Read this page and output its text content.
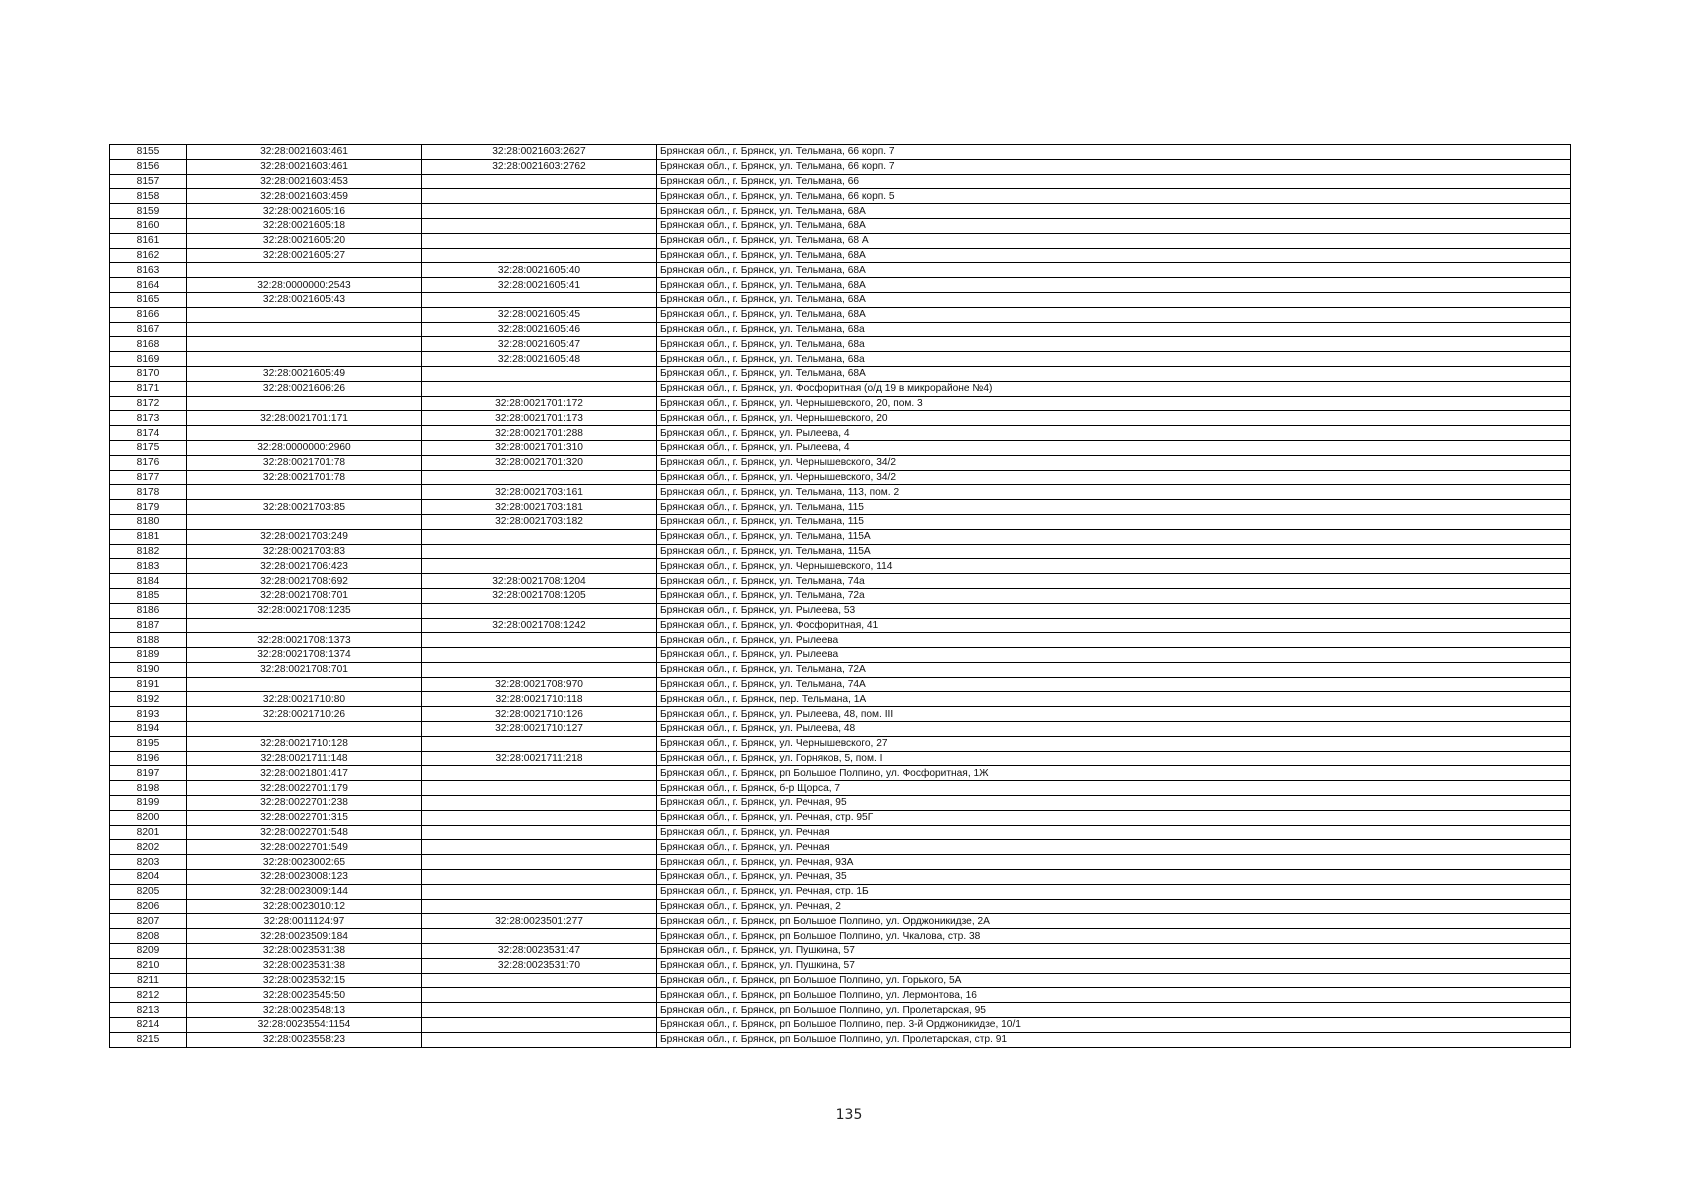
8155	32:28:0021603:461	32:28:0021603:2627	Брянская обл., г. Брянск, ул. Тельмана, 66 корп. 7
8156	32:28:0021603:461	32:28:0021603:2762	Брянская обл., г. Брянск, ул. Тельмана, 66 корп. 7
8157	32:28:0021603:453		Брянская обл., г. Брянск, ул. Тельмана, 66
8158	32:28:0021603:459		Брянская обл., г. Брянск, ул. Тельмана, 66 корп. 5
8159	32:28:0021605:16		Брянская обл., г. Брянск, ул. Тельмана, 68А
8160	32:28:0021605:18		Брянская обл., г. Брянск, ул. Тельмана, 68А
8161	32:28:0021605:20		Брянская обл., г. Брянск, ул. Тельмана, 68 А
8162	32:28:0021605:27		Брянская обл., г. Брянск, ул. Тельмана, 68А
8163		32:28:0021605:40	Брянская обл., г. Брянск, ул. Тельмана, 68А
8164	32:28:0000000:2543	32:28:0021605:41	Брянская обл., г. Брянск, ул. Тельмана, 68А
8165	32:28:0021605:43		Брянская обл., г. Брянск, ул. Тельмана, 68А
8166		32:28:0021605:45	Брянская обл., г. Брянск, ул. Тельмана, 68А
8167		32:28:0021605:46	Брянская обл., г. Брянск, ул. Тельмана, 68а
8168		32:28:0021605:47	Брянская обл., г. Брянск, ул. Тельмана, 68а
8169		32:28:0021605:48	Брянская обл., г. Брянск, ул. Тельмана, 68а
8170	32:28:0021605:49		Брянская обл., г. Брянск, ул. Тельмана, 68А
8171	32:28:0021606:26		Брянская обл., г. Брянск, ул. Фосфоритная (о/д 19 в микрорайоне №4)
8172		32:28:0021701:172	Брянская обл., г. Брянск, ул. Чернышевского, 20, пом. 3
8173	32:28:0021701:171	32:28:0021701:173	Брянская обл., г. Брянск, ул. Чернышевского, 20
8174		32:28:0021701:288	Брянская обл., г. Брянск, ул. Рылеева, 4
8175	32:28:0000000:2960	32:28:0021701:310	Брянская обл., г. Брянск, ул. Рылеева, 4
8176	32:28:0021701:78	32:28:0021701:320	Брянская обл., г. Брянск, ул. Чернышевского, 34/2
8177	32:28:0021701:78		Брянская обл., г. Брянск, ул. Чернышевского, 34/2
8178		32:28:0021703:161	Брянская обл., г. Брянск, ул. Тельмана, 113, пом. 2
8179	32:28:0021703:85	32:28:0021703:181	Брянская обл., г. Брянск, ул. Тельмана, 115
8180		32:28:0021703:182	Брянская обл., г. Брянск, ул. Тельмана, 115
8181	32:28:0021703:249		Брянская обл., г. Брянск, ул. Тельмана, 115А
8182	32:28:0021703:83		Брянская обл., г. Брянск, ул. Тельмана, 115А
8183	32:28:0021706:423		Брянская обл., г. Брянск, ул. Чернышевского, 114
8184	32:28:0021708:692	32:28:0021708:1204	Брянская обл., г. Брянск, ул. Тельмана, 74а
8185	32:28:0021708:701	32:28:0021708:1205	Брянская обл., г. Брянск, ул. Тельмана, 72а
8186	32:28:0021708:1235		Брянская обл., г. Брянск, ул. Рылеева, 53
8187		32:28:0021708:1242	Брянская обл., г. Брянск, ул. Фосфоритная, 41
8188	32:28:0021708:1373		Брянская обл., г. Брянск, ул. Рылеева
8189	32:28:0021708:1374		Брянская обл., г. Брянск, ул. Рылеева
8190	32:28:0021708:701		Брянская обл., г. Брянск, ул. Тельмана, 72А
8191		32:28:0021708:970	Брянская обл., г. Брянск, ул. Тельмана, 74А
8192	32:28:0021710:80	32:28:0021710:118	Брянская обл., г. Брянск, пер. Тельмана, 1А
8193	32:28:0021710:26	32:28:0021710:126	Брянская обл., г. Брянск, ул. Рылеева, 48, пом. III
8194		32:28:0021710:127	Брянская обл., г. Брянск, ул. Рылеева, 48
8195	32:28:0021710:128		Брянская обл., г. Брянск, ул. Чернышевского, 27
8196	32:28:0021711:148	32:28:0021711:218	Брянская обл., г. Брянск, ул. Горняков, 5, пом. I
8197	32:28:0021801:417		Брянская обл., г. Брянск, рп Большое Полпино, ул. Фосфоритная, 1Ж
8198	32:28:0022701:179		Брянская обл., г. Брянск, б-р Щорса, 7
8199	32:28:0022701:238		Брянская обл., г. Брянск, ул. Речная, 95
8200	32:28:0022701:315		Брянская обл., г. Брянск, ул. Речная, стр. 95Г
8201	32:28:0022701:548		Брянская обл., г. Брянск, ул. Речная
8202	32:28:0022701:549		Брянская обл., г. Брянск, ул. Речная
8203	32:28:0023002:65		Брянская обл., г. Брянск, ул. Речная, 93А
8204	32:28:0023008:123		Брянская обл., г. Брянск, ул. Речная, 35
8205	32:28:0023009:144		Брянская обл., г. Брянск, ул. Речная, стр. 1Б
8206	32:28:0023010:12		Брянская обл., г. Брянск, ул. Речная, 2
8207	32:28:0011124:97	32:28:0023501:277	Брянская обл., г. Брянск, рп Большое Полпино, ул. Орджоникидзе, 2А
8208	32:28:0023509:184		Брянская обл., г. Брянск, рп Большое Полпино, ул. Чкалова, стр. 38
8209	32:28:0023531:38	32:28:0023531:47	Брянская обл., г. Брянск, ул. Пушкина, 57
8210	32:28:0023531:38	32:28:0023531:70	Брянская обл., г. Брянск, ул. Пушкина, 57
8211	32:28:0023532:15		Брянская обл., г. Брянск, рп Большое Полпино, ул. Горького, 5А
8212	32:28:0023545:50		Брянская обл., г. Брянск, рп Большое Полпино, ул. Лермонтова, 16
8213	32:28:0023548:13		Брянская обл., г. Брянск, рп Большое Полпино, ул. Пролетарская, 95
8214	32:28:0023554:1154		Брянская обл., г. Брянск, рп Большое Полпино, пер. 3-й Орджоникидзе, 10/1
8215	32:28:0023558:23		Брянская обл., г. Брянск, рп Большое Полпино, ул. Пролетарская, стр. 91
135
